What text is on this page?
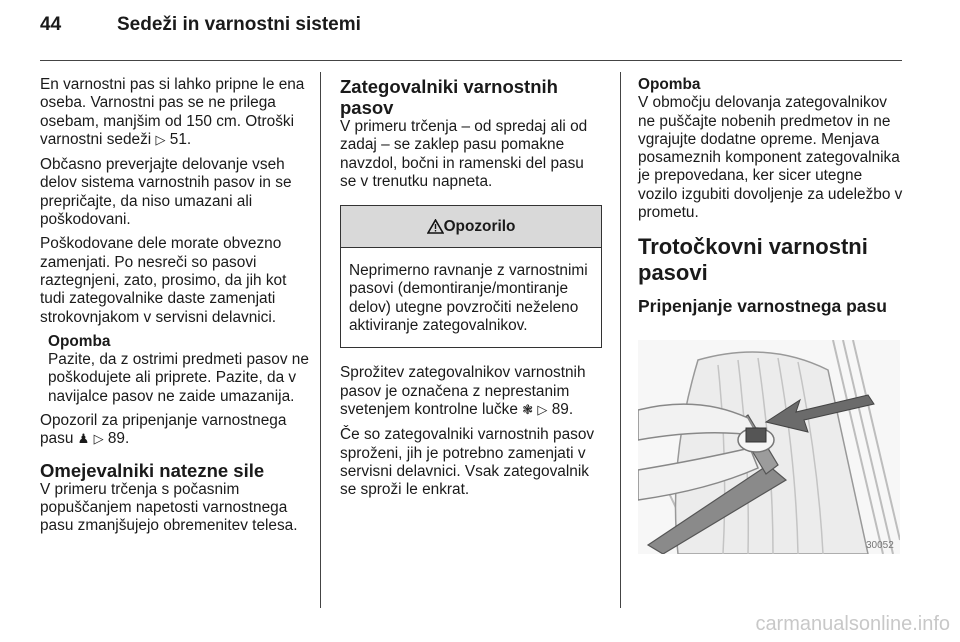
44	Sedeži in varnostni sistemi

En varnostni pas si lahko pripne le ena oseba. Varnostni pas se ne prilega osebam, manjšim od 150 cm. Otroški varnostni sedeži ▷ 51.

Občasno preverjajte delovanje vseh delov sistema varnostnih pasov in se prepričajte, da niso umazani ali poškodovani.

Poškodovane dele morate obvezno zamenjati. Po nesreči so pasovi raztegnjeni, zato, prosimo, da jih kot tudi zategovalnike daste zamenjati strokovnjakom v servisni delavnici.

Opomba

Pazite, da z ostrimi predmeti pasov ne poškodujete ali priprete. Pazite, da v navijalce pasov ne zaide umazanija.

Opozoril za pripenjanje varnostnega pasu ♟ ▷ 89.

Omejevalniki natezne sile

V primeru trčenja s počasnim popuščanjem napetosti varnostnega pasu zmanjšujejo obremenitev telesa.

Zategovalniki varnostnih pasov

V primeru trčenja – od spredaj ali od zadaj – se zaklep pasu pomakne navzdol, bočni in ramenski del pasu se v trenutku napneta.

Opozorilo
Neprimerno ravnanje z varnostnimi pasovi (demontiranje/montiranje delov) utegne povzročiti neželeno aktiviranje zategovalnikov.

Sprožitev zategovalnikov varnostnih pasov je označena z neprestanim svetenjem kontrolne lučke ❃ ▷ 89.

Če so zategovalniki varnostnih pasov sproženi, jih je potrebno zamenjati v servisni delavnici. Vsak zategovalnik se sproži le enkrat.

Opomba

V območju delovanja zategovalnikov ne puščajte nobenih predmetov in ne vgrajujte dodatne opreme. Menjava posameznih komponent zategovalnika je prepovedana, ker sicer utegne vozilo izgubiti dovoljenje za udeležbo v prometu.

Trotočkovni varnostni pasovi
Pripenjanje varnostnega pasu
30052
carmanualsonline.info
